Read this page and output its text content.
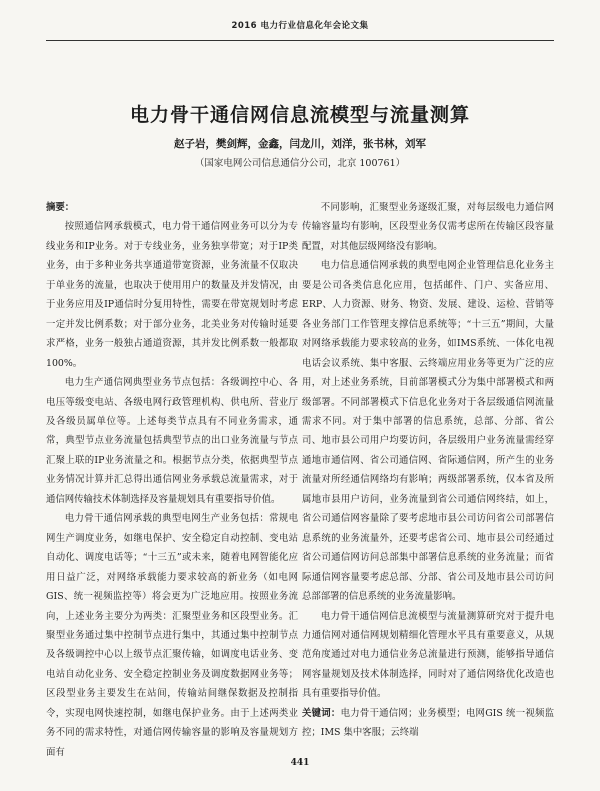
2016 电力行业信息化年会论文集
电力骨干通信网信息流模型与流量测算
赵子岩，樊剑辉，金鑫，闫龙川，刘洋，张书林，刘军
（国家电网公司信息通信分公司，北京 100761）

摘要：

按照通信网承载模式，电力骨干通信网业务可以分为专线业务和IP业务。对于专线业务，业务独享带宽；对于IP类业务，由于多种业务共享通道带宽资源，业务流量不仅取决于单业务的流量，也取决于使用用户的数量及并发情况，由于业务应用及IP通信时分复用特性，需要在带宽规划时考虑一定并发比例系数；对于部分业务，北美业务对传输时延要求严格，业务一般独占通道资源，其并发比例系数一般都取100%。

电力生产通信网典型业务节点包括：各级调控中心、各电压等级变电站、各级电网行政管理机构、供电所、营业厅及各级员属单位等。上述每类节点具有不同业务需求，通常，典型节点业务流量包括典型节点的出口业务流量与节点汇聚上联的IP业务流量之和。根据节点分类，依据典型节点业务情况计算并汇总得出通信网业务承载总流量需求，对于通信网传输技术体制选择及容量规划具有重要指导价值。

电力骨干通信网承载的典型电网生产业务包括：常规电网生产调度业务，如继电保护、安全稳定自动控制、变电站自动化、调度电话等；“十三五”或未来，随着电网智能化应用日益广泛，对网络承载能力要求较高的新业务（如电网GIS、统一视频监控等）将会更为广泛地应用。按照业务流向，上述业务主要分为两类：汇聚型业务和区段型业务。汇聚型业务通过集中控制节点进行集中，其通过集中控制节点及各级调控中心以上级节点汇聚传输，如调度电话业务、变电站自动化业务、安全稳定控制业务及调度数据网业务等；区段型业务主要发生在站间，传输站间继保数据及控制指令，实现电网快速控制，如继电保护业务。由于上述两类业务不同的需求特性，对通信网传输容量的影响及容量规划方面有

不同影响，汇聚型业务逐级汇聚，对每层级电力通信网传输容量均有影响，区段型业务仅需考虑所在传输区段容量配置，对其他层级网络没有影响。

电力信息通信网承载的典型电网企业管理信息化业务主要是公司各类信息化应用，包括邮件、门户、实备应用、ERP、人力资源、财务、物资、发展、建设、运检、营销等各业务部门工作管理支撑信息系统等；“十三五”期间，大量对网络承载能力要求较高的业务，如IMS系统、一体化电视电话会议系统、集中客服、云终端应用业务等更为广泛的应用，对上述业务系统，目前部署模式分为集中部署模式和两级部署。不同部署模式下信息化业务对于各层级通信网流量需求不同。对于集中部署的信息系统，总部、分部、省公司、地市县公司用户均要访问，各层级用户业务流量需经穿通地市通信网、省公司通信网、省际通信网，所产生的业务流量对所经通信网络均有影响；两级部署系统，仅本省及所属地市县用户访问，业务流量到省公司通信网终结，如上，省公司通信网容量除了要考虑地市县公司访问省公司部署信息系统的业务流量外，还要考虑省公司、地市县公司经通过省公司通信网访问总部集中部署信息系统的业务流量；而省际通信网容量要考虑总部、分部、省公司及地市县公司访问总部部署的信息系统的业务流量影响。

电力骨干通信网信息流模型与流量测算研究对于提升电力通信网对通信网规划精细化管理水平具有重要意义，从规范角度通过对电力通信业务总流量进行预测，能够指导通信网容量规划及技术体制选择，同时对了通信网络优化改造也具有重要指导价值。

关键词：电力骨干通信网；业务模型；电网GIS 统一视频监控；IMS 集中客服；云终端

441
